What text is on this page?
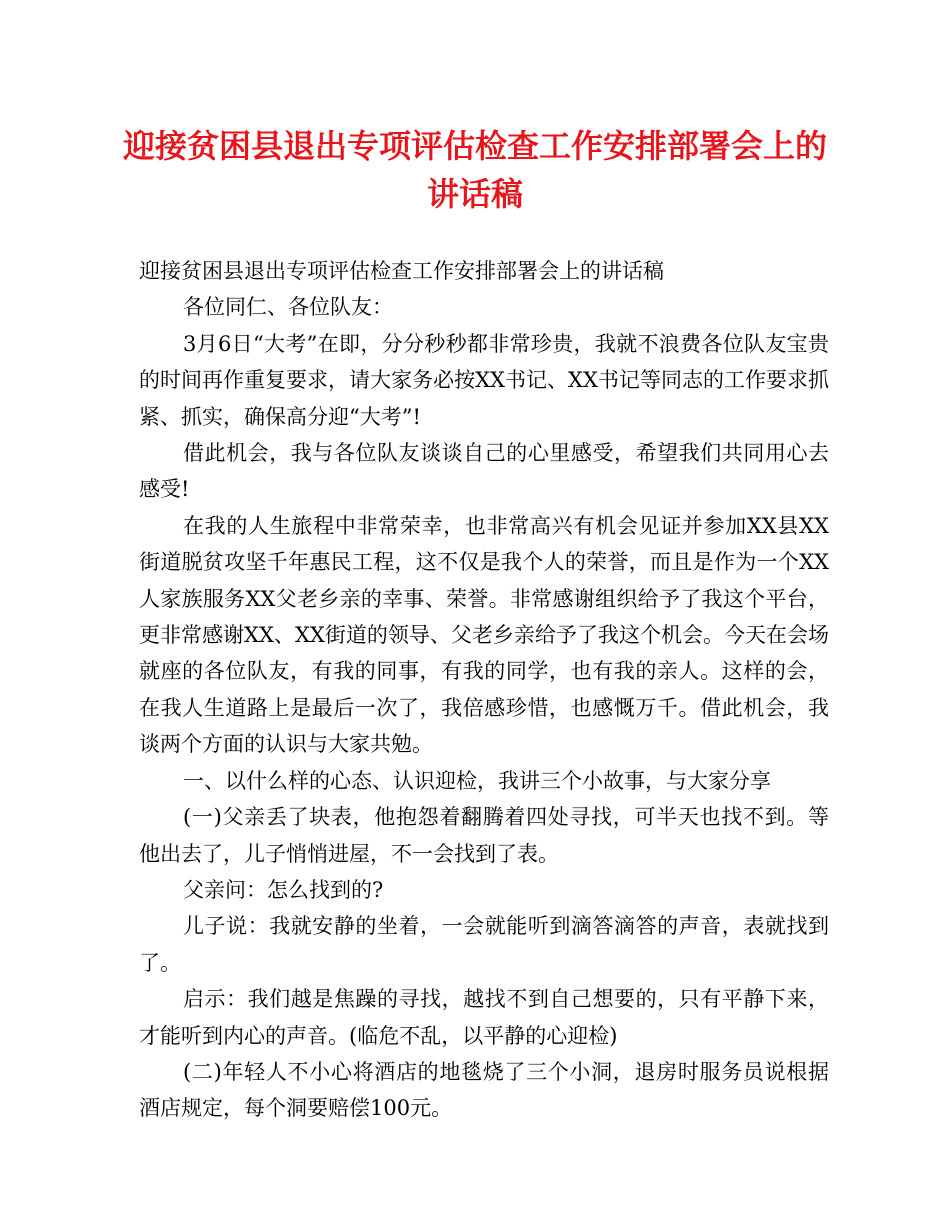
迎接贫困县退出专项评估检查工作安排部署会上的讲话稿

迎接贫困县退出专项评估检查工作安排部署会上的讲话稿

各位同仁、各位队友：

3月6日“大考”在即，分分秒秒都非常珍贵，我就不浪费各位队友宝贵的时间再作重复要求，请大家务必按XX书记、XX书记等同志的工作要求抓紧、抓实，确保高分迎“大考”!

借此机会，我与各位队友谈谈自己的心里感受，希望我们共同用心去感受!

在我的人生旅程中非常荣幸，也非常高兴有机会见证并参加XX县XX街道脱贫攻坚千年惠民工程，这不仅是我个人的荣誉，而且是作为一个XX人家族服务XX父老乡亲的幸事、荣誉。非常感谢组织给予了我这个平台，更非常感谢XX、XX街道的领导、父老乡亲给予了我这个机会。今天在会场就座的各位队友，有我的同事，有我的同学，也有我的亲人。这样的会，在我人生道路上是最后一次了，我倍感珍惜，也感慨万千。借此机会，我谈两个方面的认识与大家共勉。

一、以什么样的心态、认识迎检，我讲三个小故事，与大家分享

(一)父亲丢了块表，他抱怨着翻腾着四处寻找，可半天也找不到。等他出去了，儿子悄悄进屋，不一会找到了表。

父亲问：怎么找到的?

儿子说：我就安静的坐着，一会就能听到滴答滴答的声音，表就找到了。

启示：我们越是焦躁的寻找，越找不到自己想要的，只有平静下来，才能听到内心的声音。(临危不乱，以平静的心迎检)

(二)年轻人不小心将酒店的地毯烧了三个小洞，退房时服务员说根据酒店规定，每个洞要赔偿100元。
